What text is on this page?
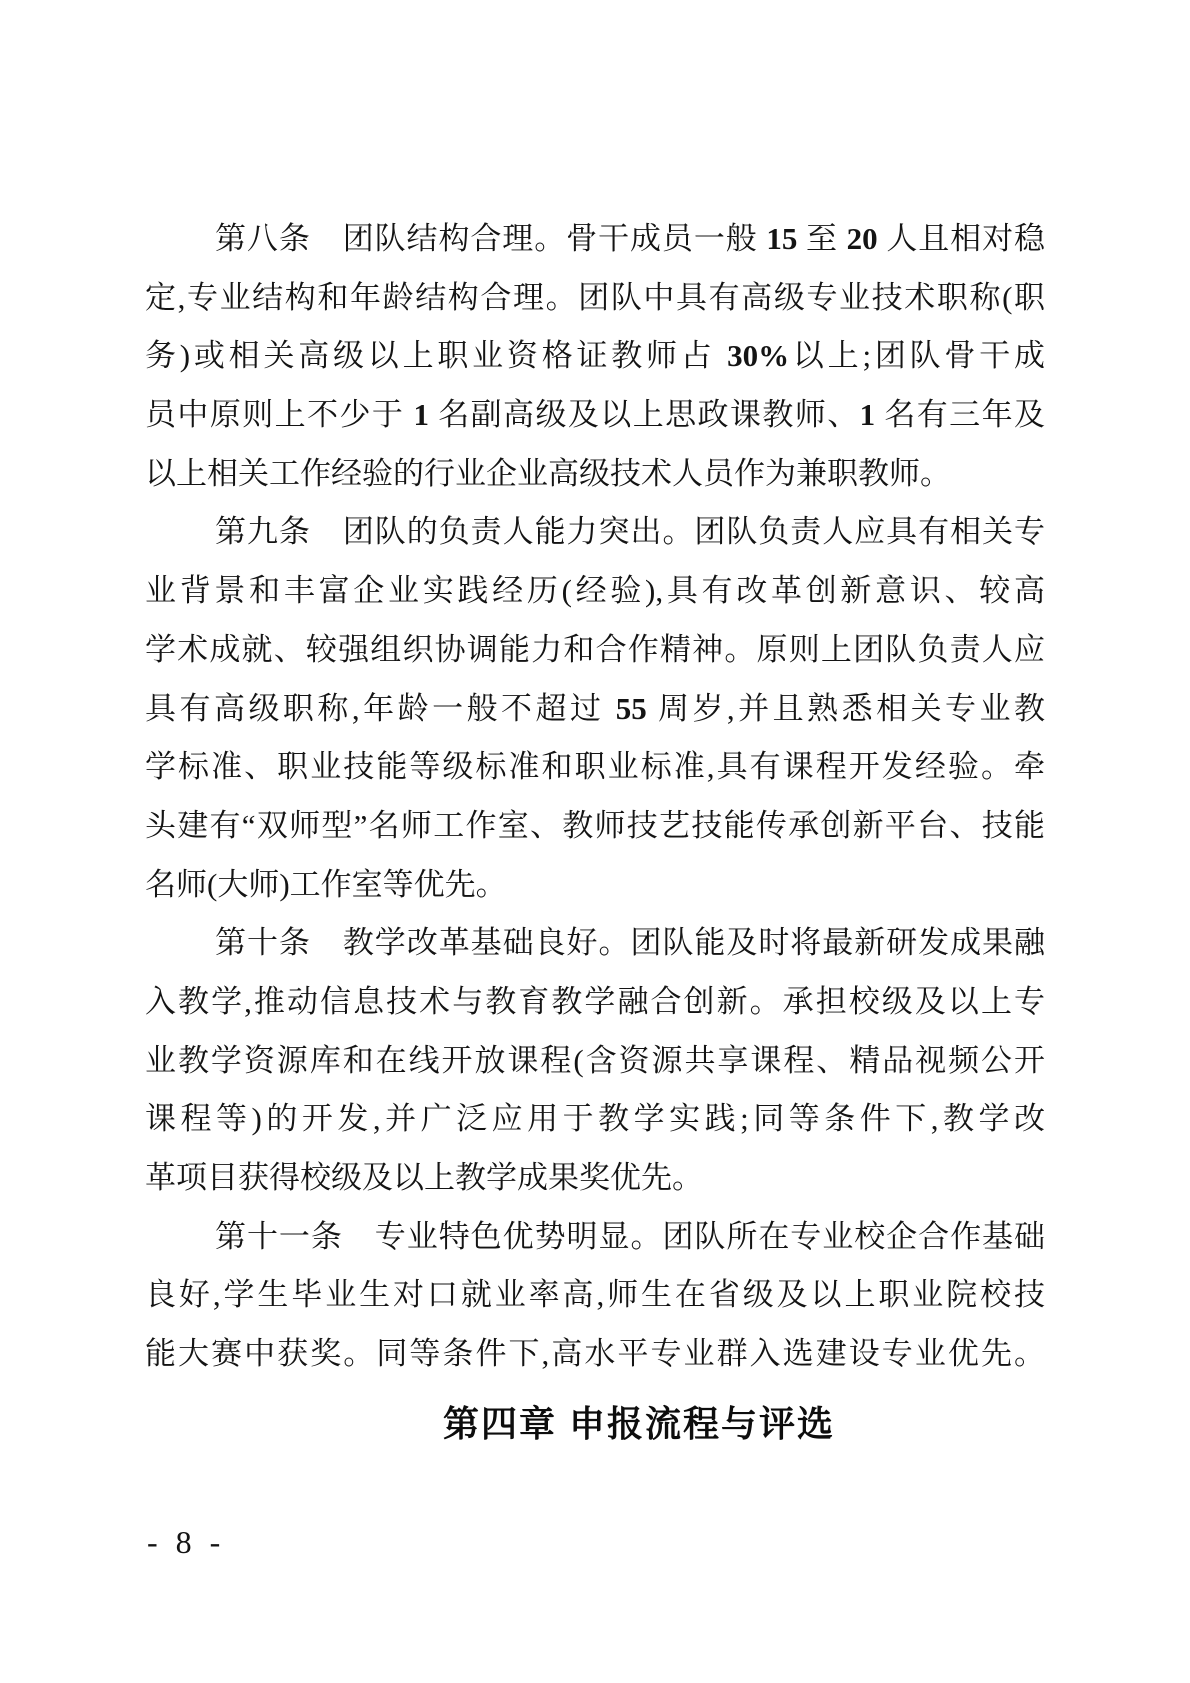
第八条　团队结构合理。骨干成员一般 15 至 20 人且相对稳
定,专业结构和年龄结构合理。团队中具有高级专业技术职称(职
务)或相关高级以上职业资格证教师占 30%以上;团队骨干成
员中原则上不少于 1 名副高级及以上思政课教师、1 名有三年及
以上相关工作经验的行业企业高级技术人员作为兼职教师。
第九条　团队的负责人能力突出。团队负责人应具有相关专
业背景和丰富企业实践经历(经验),具有改革创新意识、较高
学术成就、较强组织协调能力和合作精神。原则上团队负责人应
具有高级职称,年龄一般不超过 55 周岁,并且熟悉相关专业教
学标准、职业技能等级标准和职业标准,具有课程开发经验。牵
头建有“双师型”名师工作室、教师技艺技能传承创新平台、技能
名师(大师)工作室等优先。
第十条　教学改革基础良好。团队能及时将最新研发成果融
入教学,推动信息技术与教育教学融合创新。承担校级及以上专
业教学资源库和在线开放课程(含资源共享课程、精品视频公开
课程等)的开发,并广泛应用于教学实践;同等条件下,教学改
革项目获得校级及以上教学成果奖优先。
第十一条　专业特色优势明显。团队所在专业校企合作基础
良好,学生毕业生对口就业率高,师生在省级及以上职业院校技
能大赛中获奖。同等条件下,高水平专业群入选建设专业优先。
第四章 申报流程与评选
- 8 -
